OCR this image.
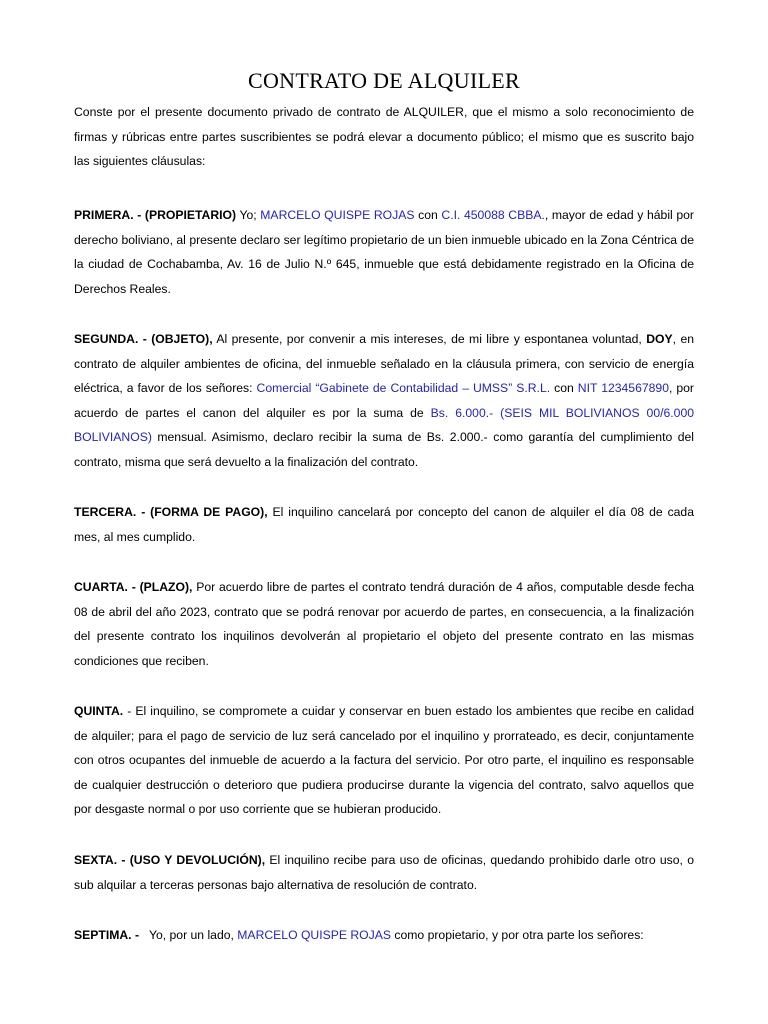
CONTRATO DE ALQUILER

Conste por el presente documento privado de contrato de ALQUILER, que el mismo a solo reconocimiento de firmas y rúbricas entre partes suscribientes se podrá elevar a documento público; el mismo que es suscrito bajo las siguientes cláusulas:

PRIMERA. - (PROPIETARIO) Yo; MARCELO QUISPE ROJAS con C.I. 450088 CBBA., mayor de edad y hábil por derecho boliviano, al presente declaro ser legítimo propietario de un bien inmueble ubicado en la Zona Céntrica de la ciudad de Cochabamba, Av. 16 de Julio N.º 645, inmueble que está debidamente registrado en la Oficina de Derechos Reales.

SEGUNDA. - (OBJETO), Al presente, por convenir a mis intereses, de mi libre y espontanea voluntad, DOY, en contrato de alquiler ambientes de oficina, del inmueble señalado en la cláusula primera, con servicio de energía eléctrica, a favor de los señores: Comercial “Gabinete de Contabilidad – UMSS” S.R.L. con NIT 1234567890, por acuerdo de partes el canon del alquiler es por la suma de Bs. 6.000.- (SEIS MIL BOLIVIANOS 00/6.000 BOLIVIANOS) mensual. Asimismo, declaro recibir la suma de Bs. 2.000.- como garantía del cumplimiento del contrato, misma que será devuelto a la finalización del contrato.

TERCERA. - (FORMA DE PAGO), El inquilino cancelará por concepto del canon de alquiler el día 08 de cada mes, al mes cumplido.

CUARTA. - (PLAZO), Por acuerdo libre de partes el contrato tendrá duración de 4 años, computable desde fecha 08 de abril del año 2023, contrato que se podrá renovar por acuerdo de partes, en consecuencia, a la finalización del presente contrato los inquilinos devolverán al propietario el objeto del presente contrato en las mismas condiciones que reciben.

QUINTA. - El inquilino, se compromete a cuidar y conservar en buen estado los ambientes que recibe en calidad de alquiler; para el pago de servicio de luz será cancelado por el inquilino y prorrateado, es decir, conjuntamente con otros ocupantes del inmueble de acuerdo a la factura del servicio. Por otro parte, el inquilino es responsable de cualquier destrucción o deterioro que pudiera producirse durante la vigencia del contrato, salvo aquellos que por desgaste normal o por uso corriente que se hubieran producido.

SEXTA. - (USO Y DEVOLUCIÓN), El inquilino recibe para uso de oficinas, quedando prohibido darle otro uso, o sub alquilar a terceras personas bajo alternativa de resolución de contrato.

SEPTIMA. -   Yo, por un lado, MARCELO QUISPE ROJAS como propietario, y por otra parte los señores:
